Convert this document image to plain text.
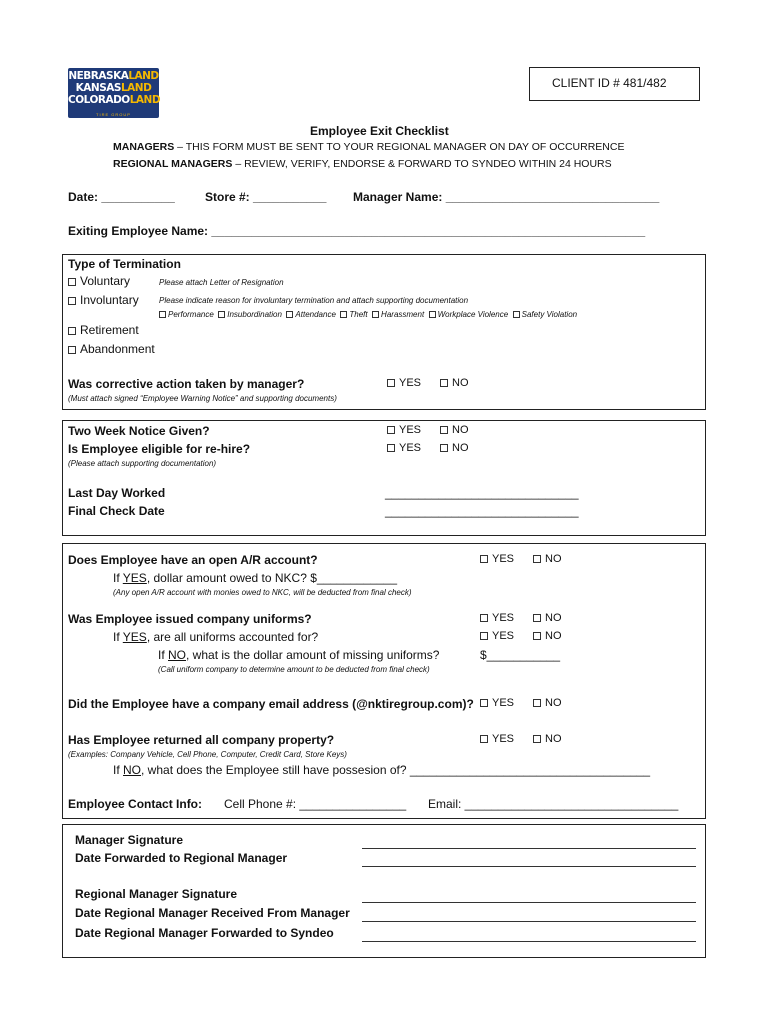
NEBRASKALAND
KANSASLAND
COLORADOLAND
TIRE GROUP
CLIENT ID # 481/482
Employee Exit Checklist
MANAGERS – THIS FORM MUST BE SENT TO YOUR REGIONAL MANAGER ON DAY OF OCCURRENCE
REGIONAL MANAGERS – REVIEW, VERIFY, ENDORSE & FORWARD TO SYNDEO WITHIN 24 HOURS
Date: ___________	Store #: ___________ Manager Name: ________________________________
Exiting Employee Name: _________________________________________________________________
Type of Termination
Voluntary	Please attach Letter of Resignation
Involuntary	Please indicate reason for involuntary termination and attach supporting documentation
Performance Insubordination Attendance Theft Harassment Workplace Violence Safety Violation
Retirement
Abandonment
Was corrective action taken by manager?	YES	NO
(Must attach signed “Employee Warning Notice” and supporting documents)
Two Week Notice Given?	YES	NO
Is Employee eligible for re-hire?	YES	NO
(Please attach supporting documentation)
Last Day Worked	_____________________________
Final Check Date	_____________________________
Does Employee have an open A/R account?	YES	NO
If YES, dollar amount owed to NKC? $____________
(Any open A/R account with monies owed to NKC, will be deducted from final check)
Was Employee issued company uniforms?	YES	NO
If YES, are all uniforms accounted for?	YES	NO
If NO, what is the dollar amount of missing uniforms?	$___________
(Call uniform company to determine amount to be deducted from final check)
Did the Employee have a company email address (@nktiregroup.com)?	YES	NO
Has Employee returned all company property?	YES	NO
(Examples: Company Vehicle, Cell Phone, Computer, Credit Card, Store Keys)
If NO, what does the Employee still have possesion of? ____________________________________
Employee Contact Info: Cell Phone #: ________________ Email: ________________________________
Manager Signature
Date Forwarded to Regional Manager
Regional Manager Signature
Date Regional Manager Received From Manager
Date Regional Manager Forwarded to Syndeo
